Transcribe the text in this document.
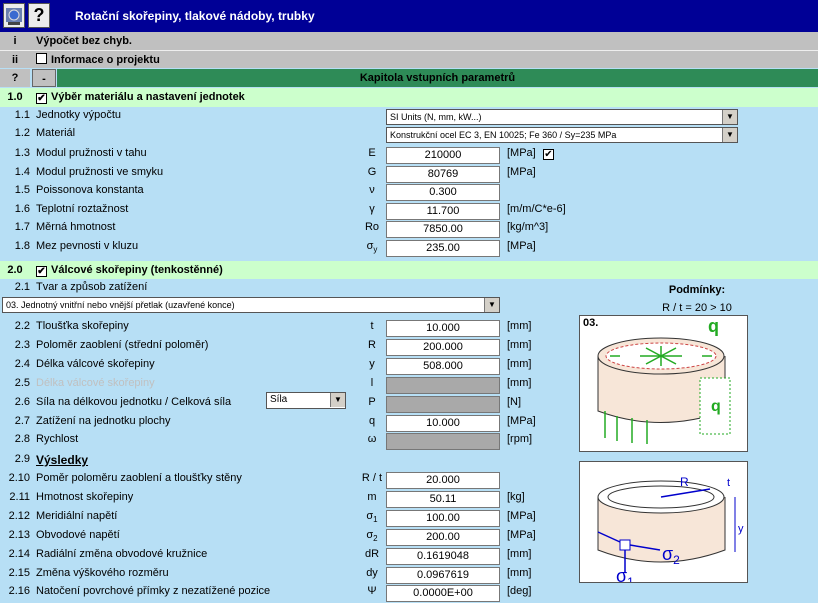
?	Rotační skořepiny, tlakové nádoby, trubky
i	Výpočet bez chyb.
ii	Informace o projektu
?	-	Kapitola vstupních parametrů
1.0	✔ Výběr materiálu a nastavení jednotek
1.1 Jednotky výpočtu	SI Units (N, mm, kW...)	▼
1.2 Materiál	Konstrukční ocel EC 3, EN 10025; Fe 360 / Sy=235 MPa	▼
1.3 Modul pružnosti v tahu	E	210000	[MPa] ✔
1.4 Modul pružnosti ve smyku	G	80769	[MPa]
1.5 Poissonova konstanta	ν	0.300
1.6 Teplotní roztažnost	γ	11.700	[m/m/C*e-6]
1.7 Měrná hmotnost	Ro	7850.00	[kg/m^3]
1.8 Mez pevnosti v kluzu	$\sigma_y$	235.00	[MPa]
2.0	✔ Válcové skořepiny (tenkostěnné)
2.1 Tvar a způsob zatížení
03. Jednotný vnitřní nebo vnější přetlak (uzavřené konce)	▼
Podmínky:
R / t = 20 > 10
2.2 Tloušťka skořepiny	t	10.000	[mm]
2.3 Poloměr zaoblení (střední poloměr)	R	200.000	[mm]
2.4 Délka válcové skořepiny	y	508.000	[mm]
2.5 Délka válcové skořepiny	l	[mm]
2.6 Síla na délkovou jednotku / Celková síla	P	[N]
2.7 Zatížení na jednotku plochy	q	10.000	[MPa]
2.8 Rychlost	ω	[rpm]
Síla	▼
2.9 Výsledky
2.10 Poměr poloměru zaoblení a tloušťky stěny	R / t	20.000
2.11 Hmotnost skořepiny	m	50.11	[kg]
2.12 Meridiální napětí	$\sigma_1$	100.00	[MPa]
2.13 Obvodové napětí	$\sigma_2$	200.00	[MPa]
2.14 Radiální změna obvodové kružnice	dR	0.1619048	[mm]
2.15 Změna výškového rozměru	dy	0.0967619	[mm]
2.16 Natočení povrchové přímky z nezatížené pozice	Ψ	0.0000E+00	[deg]
03.
q
q
R	t
y
$\sigma_2$
$\sigma_1$
